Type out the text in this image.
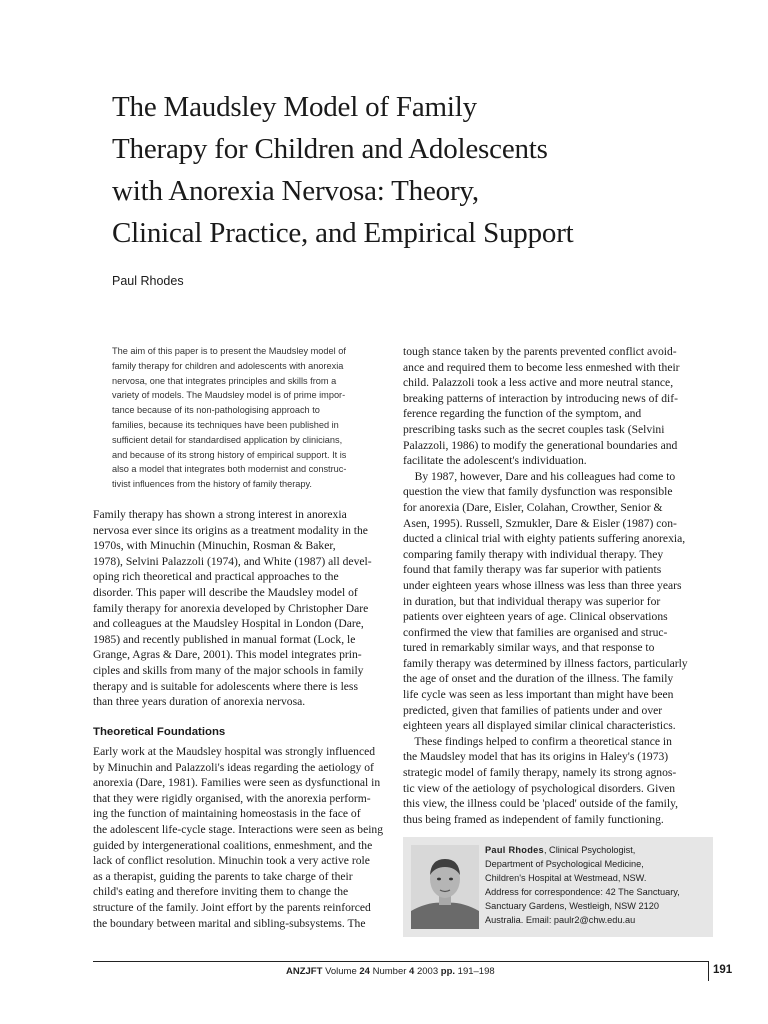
The Maudsley Model of Family
Therapy for Children and Adolescents
with Anorexia Nervosa: Theory,
Clinical Practice, and Empirical Support
Paul Rhodes
The aim of this paper is to present the Maudsley model of
family therapy for children and adolescents with anorexia
nervosa, one that integrates principles and skills from a
variety of models. The Maudsley model is of prime impor-
tance because of its non-pathologising approach to
families, because its techniques have been published in
sufficient detail for standardised application by clinicians,
and because of its strong history of empirical support. It is
also a model that integrates both modernist and construc-
tivist influences from the history of family therapy.
Family therapy has shown a strong interest in anorexia
nervosa ever since its origins as a treatment modality in the
1970s, with Minuchin (Minuchin, Rosman & Baker,
1978), Selvini Palazzoli (1974), and White (1987) all devel-
oping rich theoretical and practical approaches to the
disorder. This paper will describe the Maudsley model of
family therapy for anorexia developed by Christopher Dare
and colleagues at the Maudsley Hospital in London (Dare,
1985) and recently published in manual format (Lock, le
Grange, Agras & Dare, 2001). This model integrates prin-
ciples and skills from many of the major schools in family
therapy and is suitable for adolescents where there is less
than three years duration of anorexia nervosa.
Theoretical Foundations
Early work at the Maudsley hospital was strongly influenced
by Minuchin and Palazzoli's ideas regarding the aetiology of
anorexia (Dare, 1981). Families were seen as dysfunctional in
that they were rigidly organised, with the anorexia perform-
ing the function of maintaining homeostasis in the face of
the adolescent life-cycle stage. Interactions were seen as being
guided by intergenerational coalitions, enmeshment, and the
lack of conflict resolution. Minuchin took a very active role
as a therapist, guiding the parents to take charge of their
child's eating and therefore inviting them to change the
structure of the family. Joint effort by the parents reinforced
the boundary between marital and sibling-subsystems. The
tough stance taken by the parents prevented conflict avoid-
ance and required them to become less enmeshed with their
child. Palazzoli took a less active and more neutral stance,
breaking patterns of interaction by introducing news of dif-
ference regarding the function of the symptom, and
prescribing tasks such as the secret couples task (Selvini
Palazzoli, 1986) to modify the generational boundaries and
facilitate the adolescent's individuation.
By 1987, however, Dare and his colleagues had come to
question the view that family dysfunction was responsible
for anorexia (Dare, Eisler, Colahan, Crowther, Senior &
Asen, 1995). Russell, Szmukler, Dare & Eisler (1987) con-
ducted a clinical trial with eighty patients suffering anorexia,
comparing family therapy with individual therapy. They
found that family therapy was far superior with patients
under eighteen years whose illness was less than three years
in duration, but that individual therapy was superior for
patients over eighteen years of age. Clinical observations
confirmed the view that families are organised and struc-
tured in remarkably similar ways, and that response to
family therapy was determined by illness factors, particularly
the age of onset and the duration of the illness. The family
life cycle was seen as less important than might have been
predicted, given that families of patients under and over
eighteen years all displayed similar clinical characteristics.
These findings helped to confirm a theoretical stance in
the Maudsley model that has its origins in Haley's (1973)
strategic model of family therapy, namely its strong agnos-
tic view of the aetiology of psychological disorders. Given
this view, the illness could be 'placed' outside of the family,
thus being framed as independent of family functioning.
Paul Rhodes, Clinical Psychologist,
Department of Psychological Medicine,
Children's Hospital at Westmead, NSW.
Address for correspondence: 42 The Sanctuary,
Sanctuary Gardens, Westleigh, NSW 2120
Australia. Email: paulr2@chw.edu.au
ANZJFT Volume 24 Number 4 2003 pp. 191–198	191
